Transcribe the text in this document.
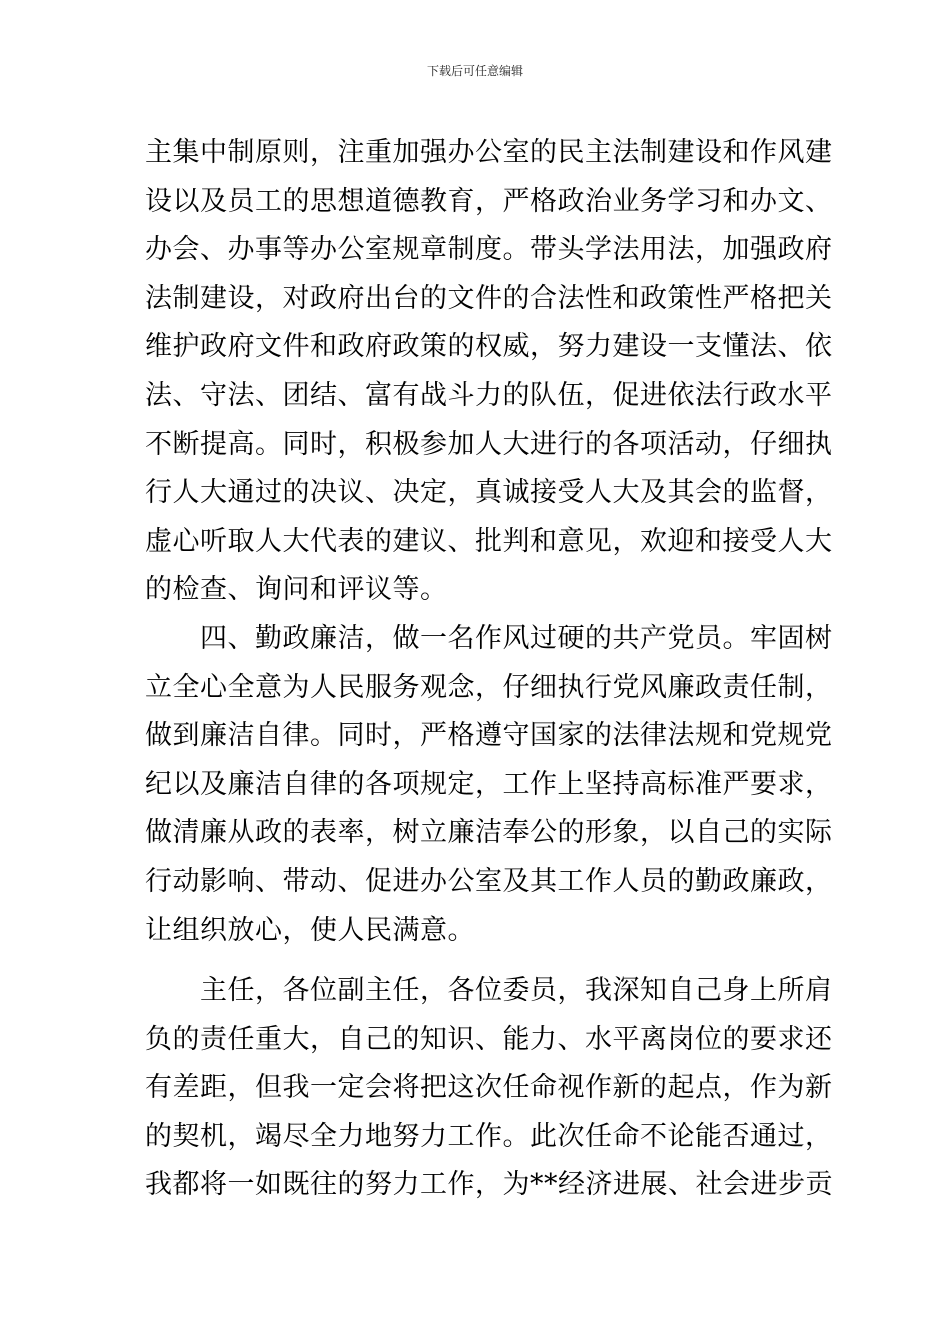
下载后可任意编辑
主集中制原则，注重加强办公室的民主法制建设和作风建
设以及员工的思想道德教育，严格政治业务学习和办文、
办会、办事等办公室规章制度。带头学法用法，加强政府
法制建设，对政府出台的文件的合法性和政策性严格把关
维护政府文件和政府政策的权威，努力建设一支懂法、依
法、守法、团结、富有战斗力的队伍，促进依法行政水平
不断提高。同时，积极参加人大进行的各项活动，仔细执
行人大通过的决议、决定，真诚接受人大及其会的监督，
虚心听取人大代表的建议、批判和意见，欢迎和接受人大
的检查、询问和评议等。
　　四、勤政廉洁，做一名作风过硬的共产党员。牢固树
立全心全意为人民服务观念，仔细执行党风廉政责任制，
做到廉洁自律。同时，严格遵守国家的法律法规和党规党
纪以及廉洁自律的各项规定，工作上坚持高标准严要求，
做清廉从政的表率，树立廉洁奉公的形象，以自己的实际
行动影响、带动、促进办公室及其工作人员的勤政廉政，
让组织放心，使人民满意。
　　主任，各位副主任，各位委员，我深知自己身上所肩
负的责任重大，自己的知识、能力、水平离岗位的要求还
有差距，但我一定会将把这次任命视作新的起点，作为新
的契机，竭尽全力地努力工作。此次任命不论能否通过，
我都将一如既往的努力工作，为**经济进展、社会进步贡
